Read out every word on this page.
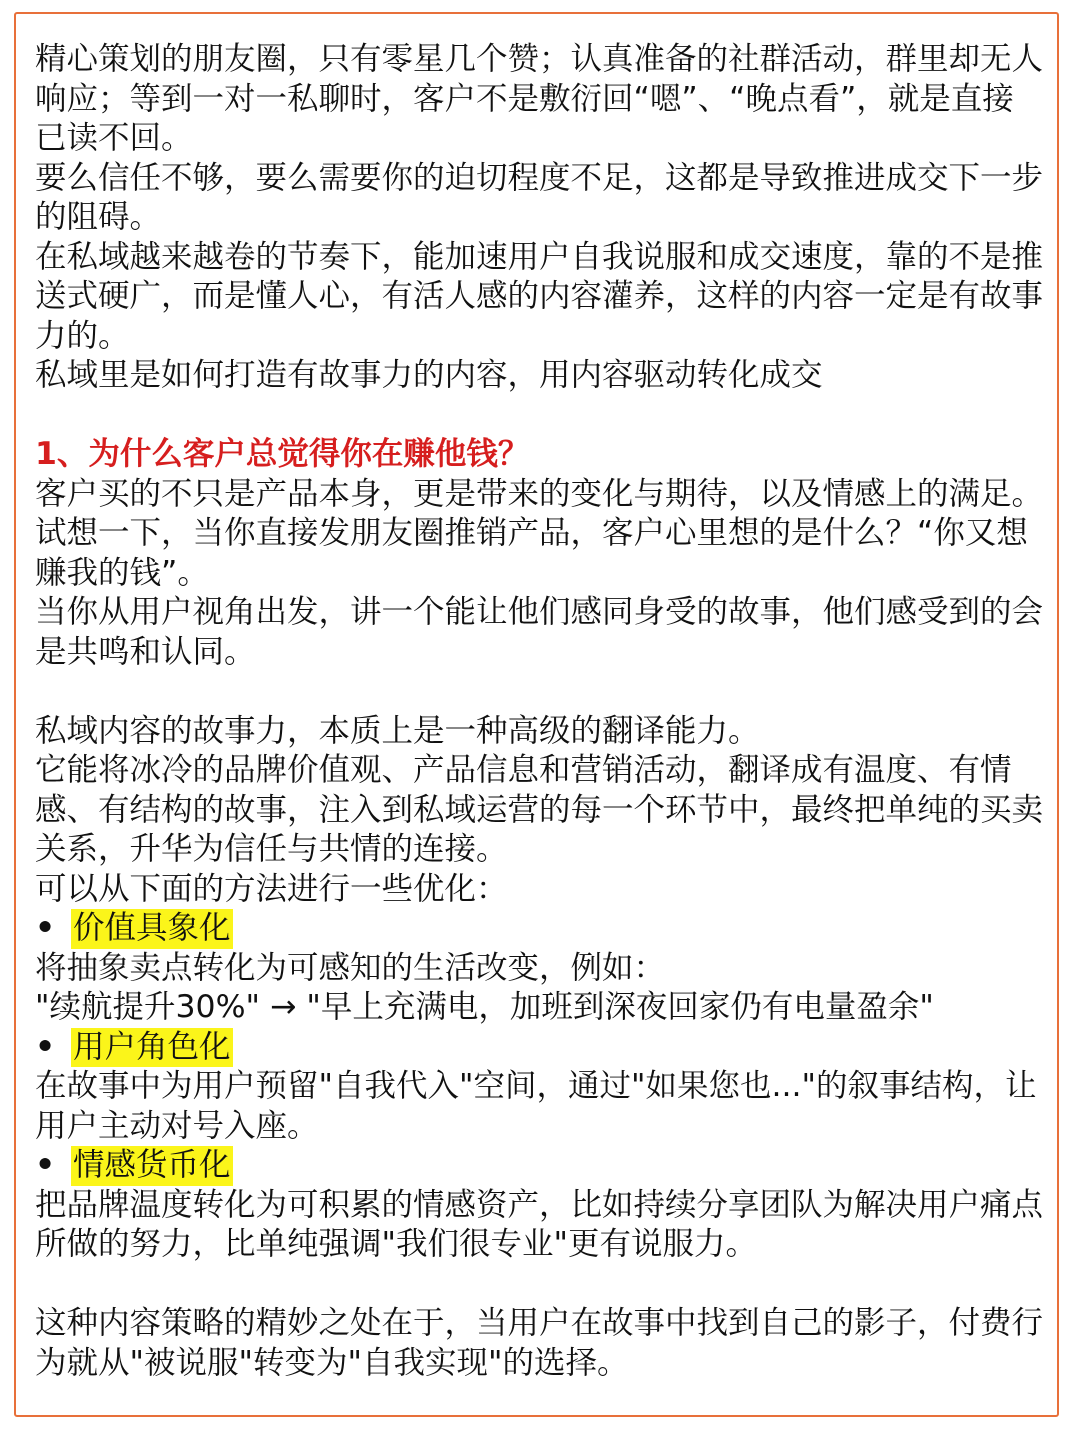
精心策划的朋友圈，只有零星几个赞；认真准备的社群活动，群里却无人响应；等到一对一私聊时，客户不是敷衍回“嗯”、“晚点看”，就是直接已读不回。

要么信任不够，要么需要你的迫切程度不足，这都是导致推进成交下一步的阻碍。

在私域越来越卷的节奏下，能加速用户自我说服和成交速度，靠的不是推送式硬广，而是懂人心，有活人感的内容灌养，这样的内容一定是有故事力的。

私域里是如何打造有故事力的内容，用内容驱动转化成交

1、为什么客户总觉得你在赚他钱？

客户买的不只是产品本身，更是带来的变化与期待，以及情感上的满足。试想一下，当你直接发朋友圈推销产品，客户心里想的是什么？“你又想赚我的钱”。

当你从用户视角出发，讲一个能让他们感同身受的故事，他们感受到的会是共鸣和认同。

私域内容的故事力，本质上是一种高级的翻译能力。

它能将冰冷的品牌价值观、产品信息和营销活动，翻译成有温度、有情感、有结构的故事，注入到私域运营的每一个环节中，最终把单纯的买卖关系，升华为信任与共情的连接。

可以从下面的方法进行一些优化：

• 价值具象化

将抽象卖点转化为可感知的生活改变，例如：

"续航提升30%" → "早上充满电，加班到深夜回家仍有电量盈余"

• 用户角色化

在故事中为用户预留"自我代入"空间，通过"如果您也..."的叙事结构，让用户主动对号入座。

• 情感货币化

把品牌温度转化为可积累的情感资产，比如持续分享团队为解决用户痛点所做的努力，比单纯强调"我们很专业"更有说服力。

这种内容策略的精妙之处在于，当用户在故事中找到自己的影子，付费行为就从"被说服"转变为"自我实现"的选择。
